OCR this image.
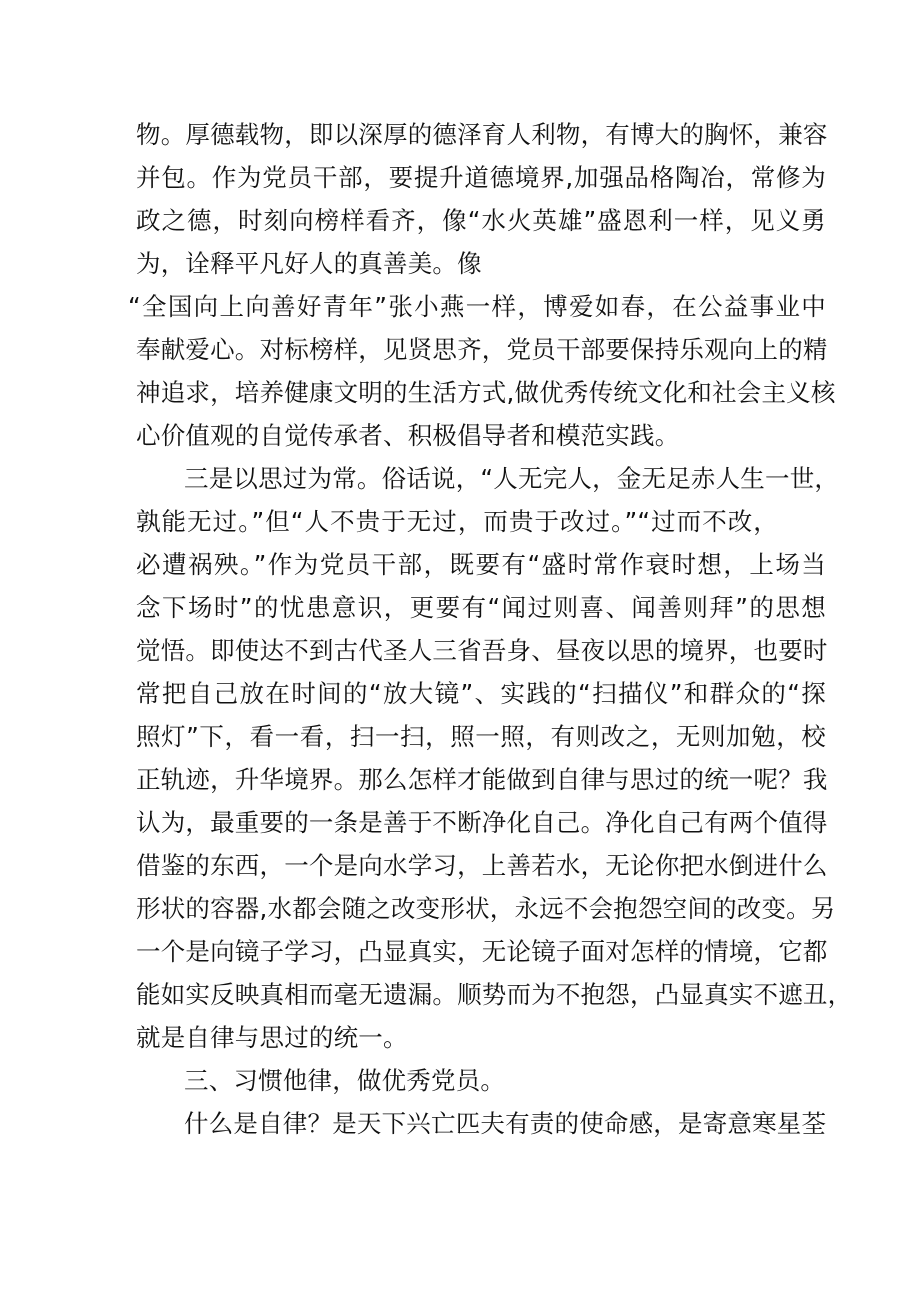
物。厚德载物，即以深厚的德泽育人利物，有博大的胸怀，兼容
并包。作为党员干部，要提升道德境界,加强品格陶冶，常修为
政之德，时刻向榜样看齐，像“水火英雄”盛恩利一样，见义勇
为，诠释平凡好人的真善美。像
“全国向上向善好青年”张小燕一样，博爱如春，在公益事业中
奉献爱心。对标榜样，见贤思齐，党员干部要保持乐观向上的精
神追求，培养健康文明的生活方式,做优秀传统文化和社会主义核
心价值观的自觉传承者、积极倡导者和模范实践。
三是以思过为常。俗话说，“人无完人，金无足赤人生一世，
孰能无过。”但“人不贵于无过，而贵于改过。”“过而不改，
必遭祸殃。”作为党员干部，既要有“盛时常作衰时想，上场当
念下场时”的忧患意识，更要有“闻过则喜、闻善则拜”的思想
觉悟。即使达不到古代圣人三省吾身、昼夜以思的境界，也要时
常把自己放在时间的“放大镜”、实践的“扫描仪”和群众的“探
照灯”下，看一看，扫一扫，照一照，有则改之，无则加勉，校
正轨迹，升华境界。那么怎样才能做到自律与思过的统一呢？我
认为，最重要的一条是善于不断净化自己。净化自己有两个值得
借鉴的东西，一个是向水学习，上善若水，无论你把水倒进什么
形状的容器,水都会随之改变形状，永远不会抱怨空间的改变。另
一个是向镜子学习，凸显真实，无论镜子面对怎样的情境，它都
能如实反映真相而毫无遗漏。顺势而为不抱怨，凸显真实不遮丑，
就是自律与思过的统一。
三、习惯他律，做优秀党员。
什么是自律？是天下兴亡匹夫有责的使命感，是寄意寒星荃
